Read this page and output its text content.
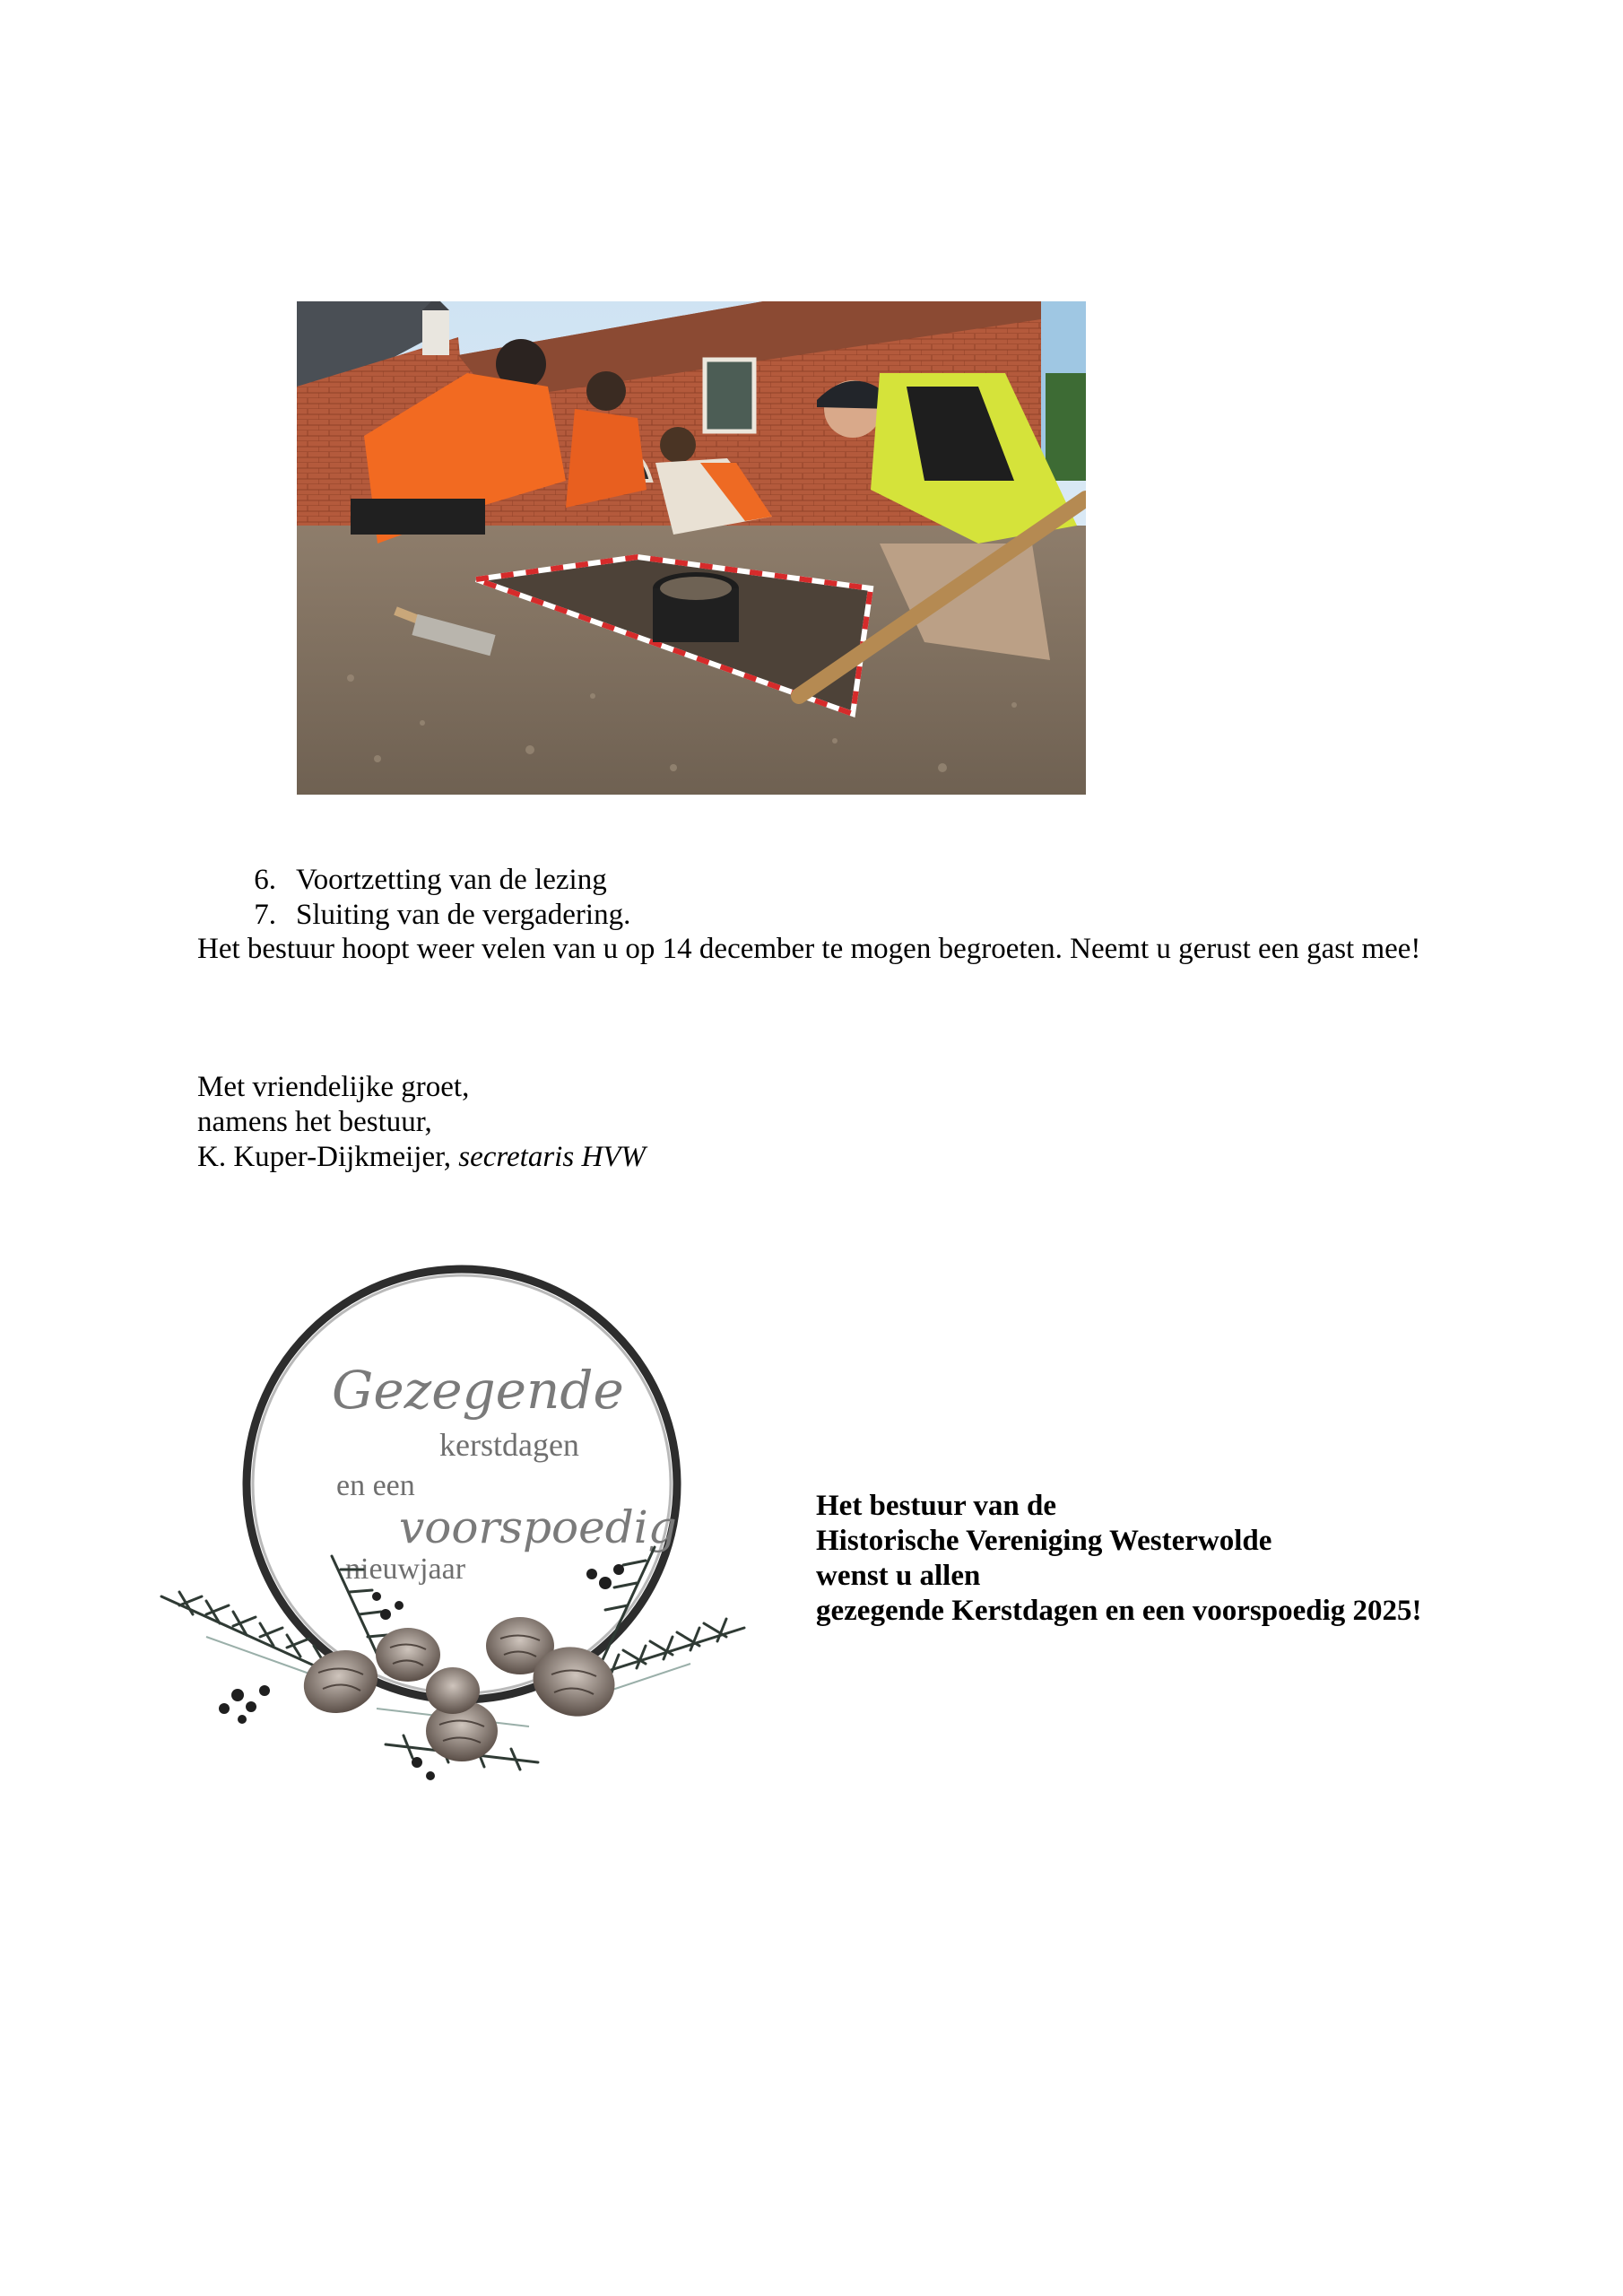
6. Voortzetting van de lezing
7. Sluiting van de vergadering.

Het bestuur hoopt weer velen van u op 14 december te mogen begroeten. Neemt u gerust een gast mee!

Met vriendelijke groet,

namens het bestuur,

K. Kuper-Dijkmeijer, secretaris HVW

Gezegende
kerstdagen
en een
voorspoedig
nieuwjaar

Het bestuur van de

Historische Vereniging Westerwolde

wenst u allen

gezegende Kerstdagen en een voorspoedig 2025!
